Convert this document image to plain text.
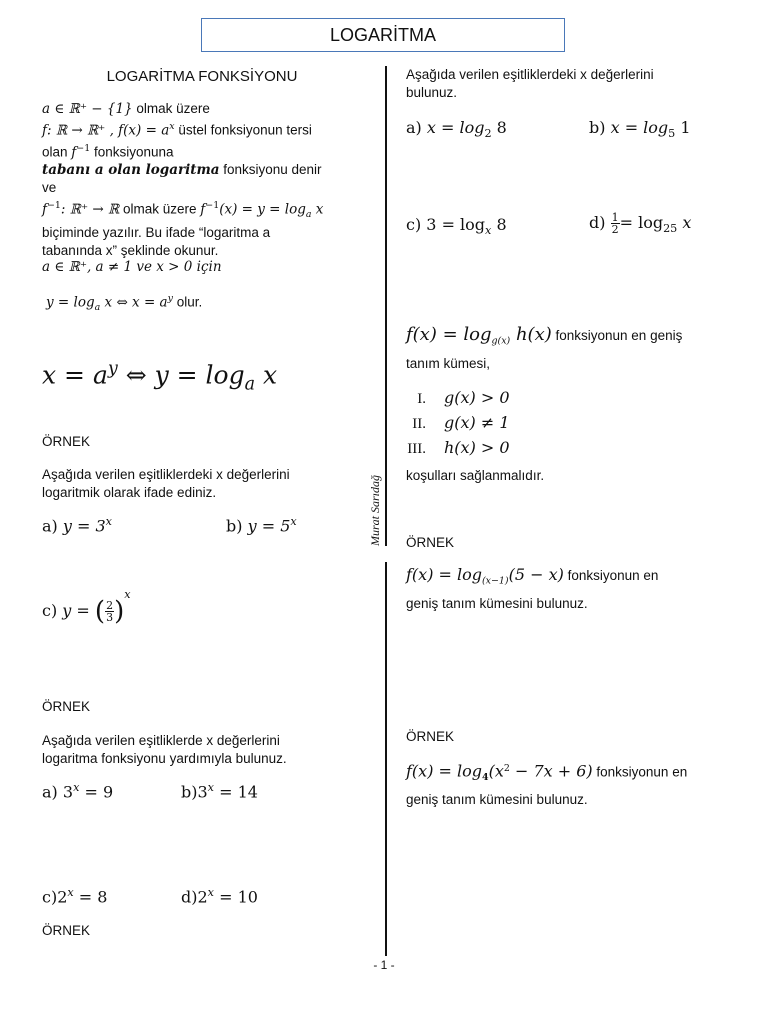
LOGARİTMA
Murat Sarıdağ
LOGARİTMA FONKSİYONU
a ∈ ℝ⁺ − {1} olmak üzere
f: ℝ → ℝ⁺ , $f(x) = a^x$ üstel fonksiyonun tersi
olan $f^{-1}$ fonksiyonuna
tabanı a olan logaritma fonksiyonu denir
ve
$f^{-1}$: ℝ⁺ → ℝ olmak üzere $f^{-1}(x) = y = \log_a x$
biçiminde yazılır. Bu ifade “logaritma a
tabanında x” şeklinde okunur.
a ∈ ℝ⁺, a ≠ 1 ve x > 0 için
$y = \log_a x$ ⇔ $x = a^y$ olur.
$x = a^y$ ⇔ $y = \log_a x$
ÖRNEK
Aşağıda verilen eşitliklerdeki x değerlerini
logaritmik olarak ifade ediniz.
a) $y = 3^x$	b) $y = 5^x$
c) y = ( $\frac{2}{3} )^x$
ÖRNEK
Aşağıda verilen eşitliklerde x değerlerini
logaritma fonksiyonu yardımıyla bulunuz.
a) $3^x = 9$	$b)3^x = 14$
$c)2^x = 8$	$d)2^x = 10$
ÖRNEK
Aşağıda verilen eşitliklerdeki x değerlerini
bulunuz.
a) $x = \log_2 8$	b) $x = \log_5 1$
c) $3 = \log_x 8$	$d) \frac{1}{2} = \log_{25} x$
$f(x) = \log_{g(x)} h(x)$ fonksiyonun en geniş
tanım kümesi,
I. g(x) > 0
II. g(x) ≠ 1
III. h(x) > 0
koşulları sağlanmalıdır.
ÖRNEK
$f(x) = \log_{(x-1)}(5 - x)$ fonksiyonun en
geniş tanım kümesini bulunuz.
ÖRNEK
$f(x) = \log_4(x^2 - 7x + 6)$ fonksiyonun en
geniş tanım kümesini bulunuz.
- 1 -
